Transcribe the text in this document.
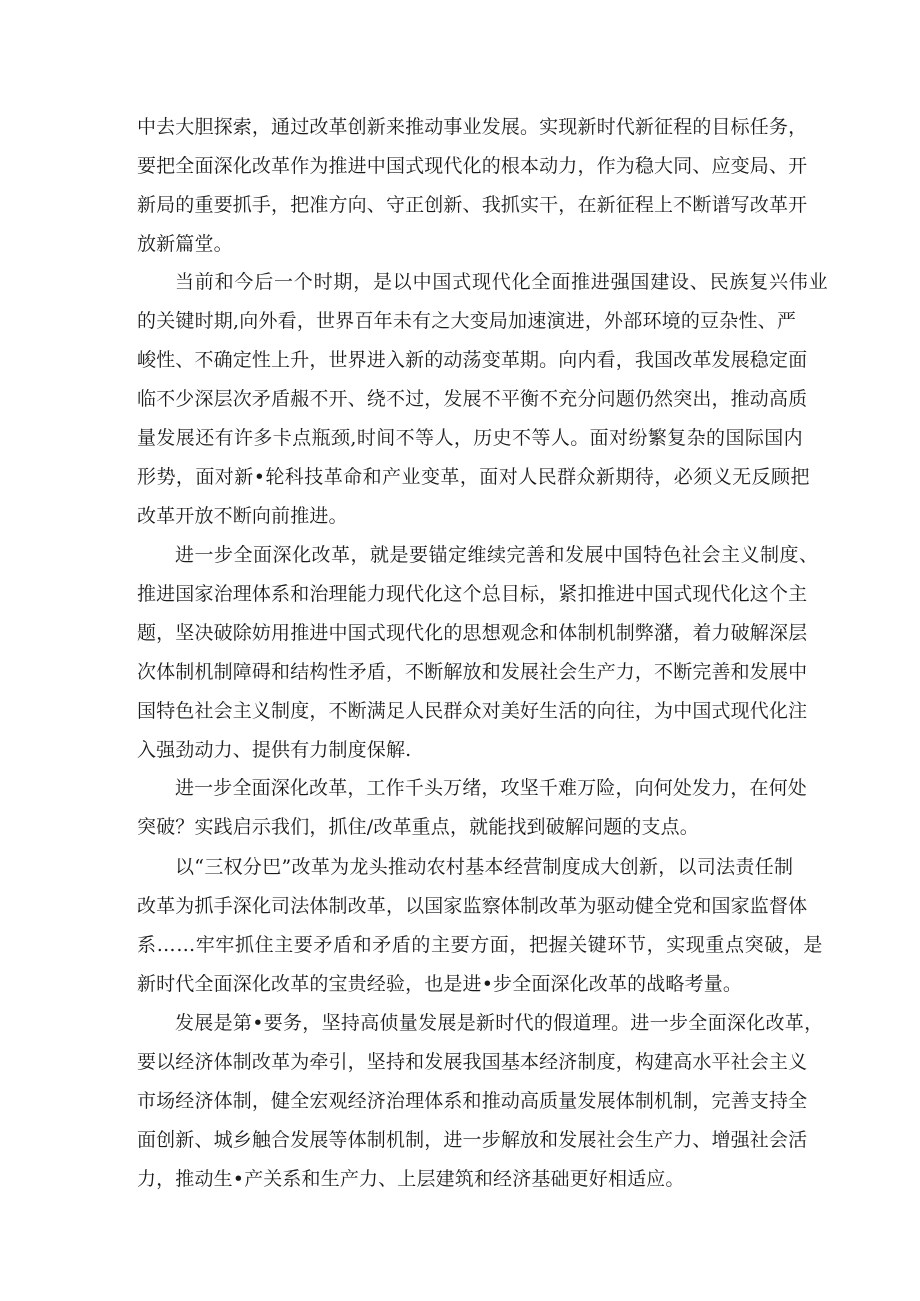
中去大胆探索，通过改革创新来推动事业发展。实现新时代新征程的目标任务，
要把全面深化改革作为推进中国式现代化的根本动力，作为稳大同、应变局、开
新局的重要抓手，把准方向、守正创新、我抓实干，在新征程上不断谱写改革开
放新篇堂。
当前和今后一个时期，是以中国式现代化全面推进强国建设、民族复兴伟业
的关键时期,向外看，世界百年未有之大变局加速演进，外部环境的豆杂性、严
峻性、不确定性上升，世界进入新的动荡变革期。向内看，我国改革发展稳定面
临不少深层次矛盾赧不开、绕不过，发展不平衡不充分问题仍然突出，推动高质
量发展还有许多卡点瓶颈,时间不等人，历史不等人。面对纷繁复杂的国际国内
形势，面对新•轮科技革命和产业变革，面对人民群众新期待，必须义无反顾把
改革开放不断向前推进。
进一步全面深化改革，就是要锚定维续完善和发展中国特色社会主义制度、
推进国家治理体系和治理能力现代化这个总目标，紧扣推进中国式现代化这个主
题，坚决破除妨用推进中国式现代化的思想观念和体制机制弊潴，着力破解深层
次体制机制障碍和结构性矛盾，不断解放和发展社会生产力，不断完善和发展中
国特色社会主义制度，不断满足人民群众对美好生活的向往，为中国式现代化注
入强劲动力、提供有力制度保解.
进一步全面深化改革，工作千头万绪，攻坚千难万险，向何处发力，在何处
突破？实践启示我们，抓住/改革重点，就能找到破解问题的支点。
以“三权分巴”改革为龙头推动农村基本经营制度成大创新，以司法责任制
改革为抓手深化司法体制改革，以国家监察体制改革为驱动健全党和国家监督体
系……牢牢抓住主要矛盾和矛盾的主要方面，把握关键环节，实现重点突破，是
新时代全面深化改革的宝贵经验，也是进•步全面深化改革的战略考量。
发展是第•要务，坚持高侦量发展是新时代的假道理。进一步全面深化改革，
要以经济体制改革为牵引，坚持和发展我国基本经济制度，构建高水平社会主义
市场经济体制，健全宏观经济治理体系和推动高质量发展体制机制，完善支持全
面创新、城乡触合发展等体制机制，进一步解放和发展社会生产力、增强社会活
力，推动生•产关系和生产力、上层建筑和经济基础更好相适应。
